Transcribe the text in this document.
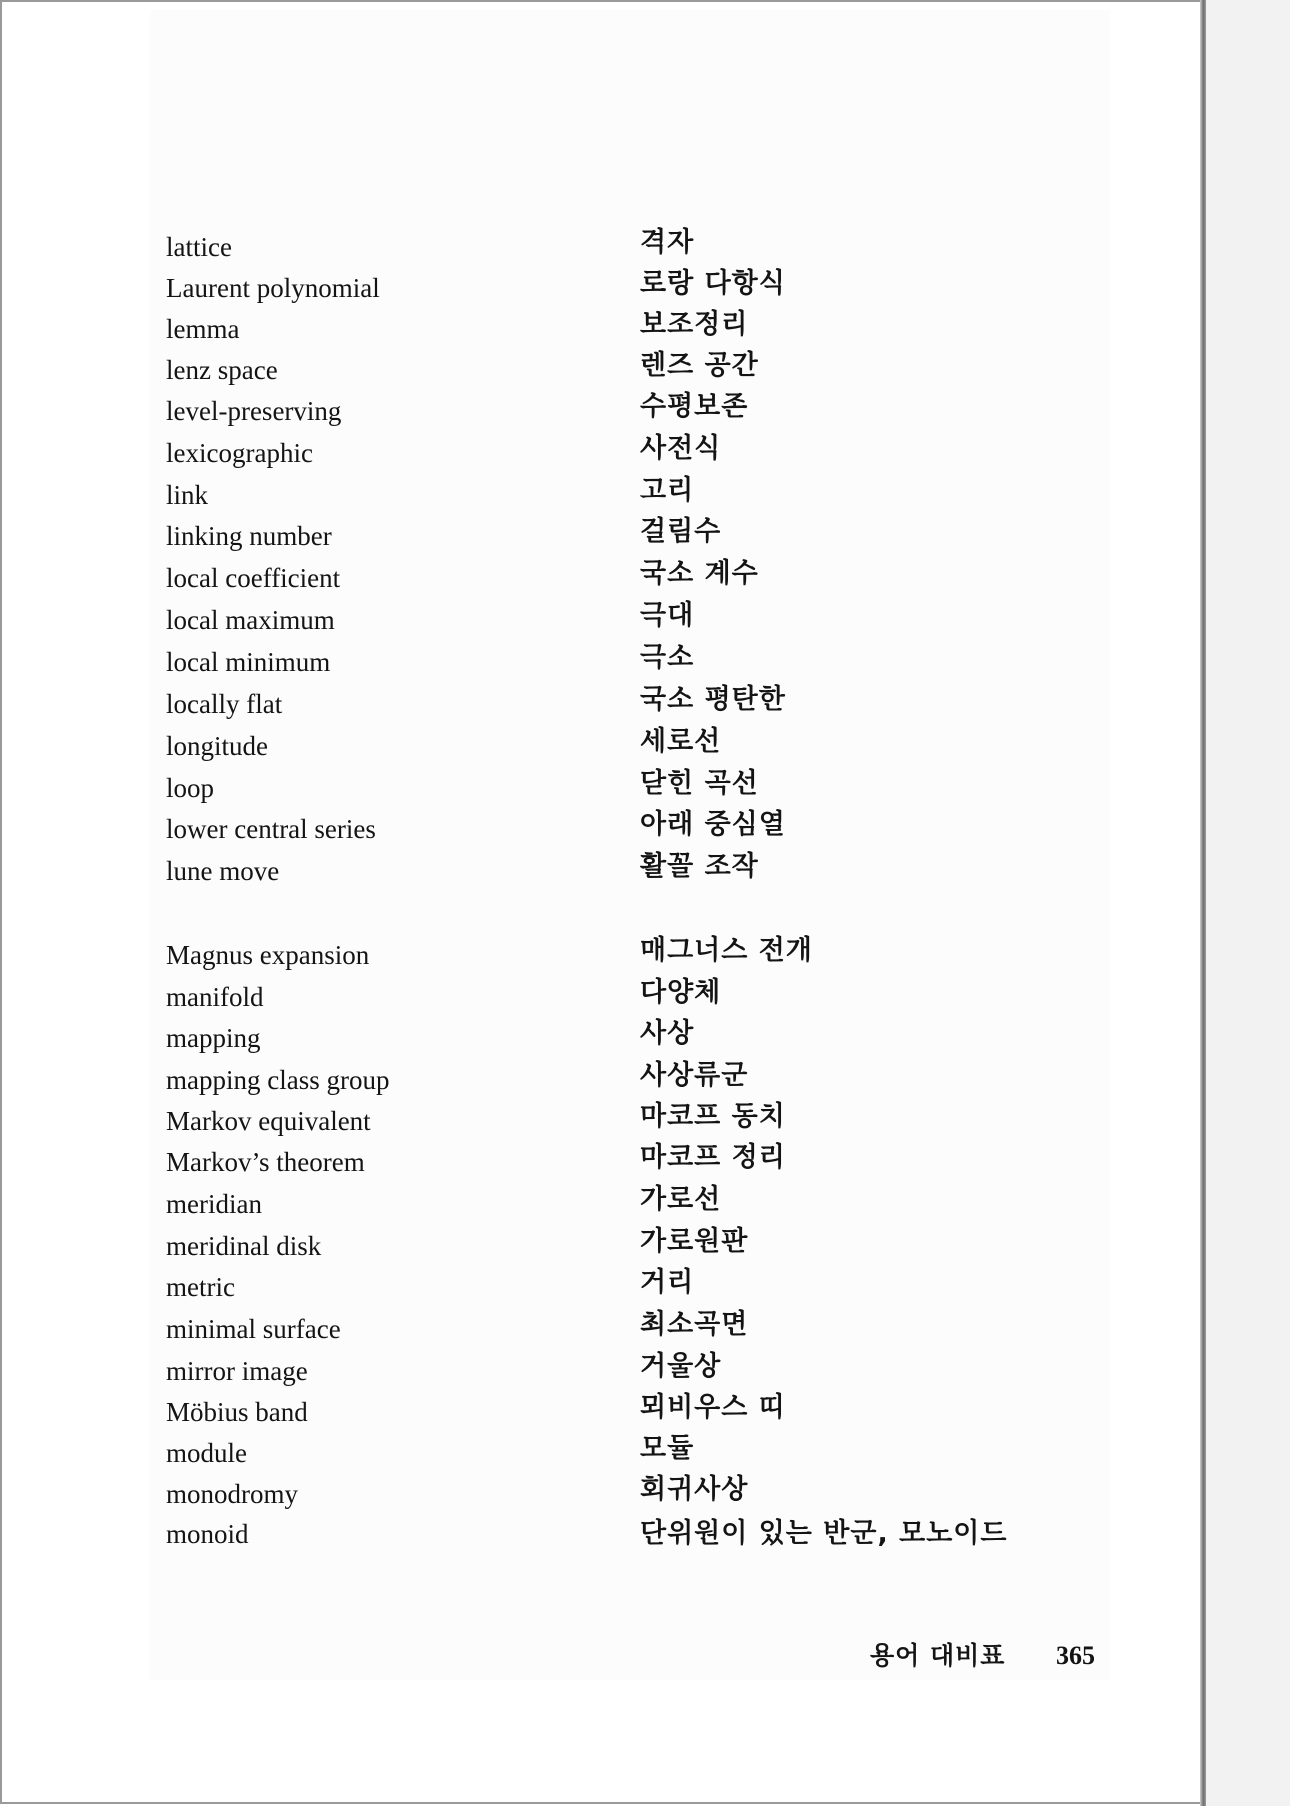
lattice	격자
Laurent polynomial	로랑 다항식
lemma	보조정리
lenz space	렌즈 공간
level-preserving	수평보존
lexicographic	사전식
link	고리
linking number	걸림수
local coefficient	국소 계수
local maximum	극대
local minimum	극소
locally flat	국소 평탄한
longitude	세로선
loop	닫힌 곡선
lower central series	아래 중심열
lune move	활꼴 조작
Magnus expansion	매그너스 전개
manifold	다양체
mapping	사상
mapping class group	사상류군
Markov equivalent	마코프 동치
Markov’s theorem	마코프 정리
meridian	가로선
meridinal disk	가로원판
metric	거리
minimal surface	최소곡면
mirror image	거울상
Möbius band	뫼비우스 띠
module	모듈
monodromy	회귀사상
monoid	단위원이 있는 반군, 모노이드
용어 대비표 365
